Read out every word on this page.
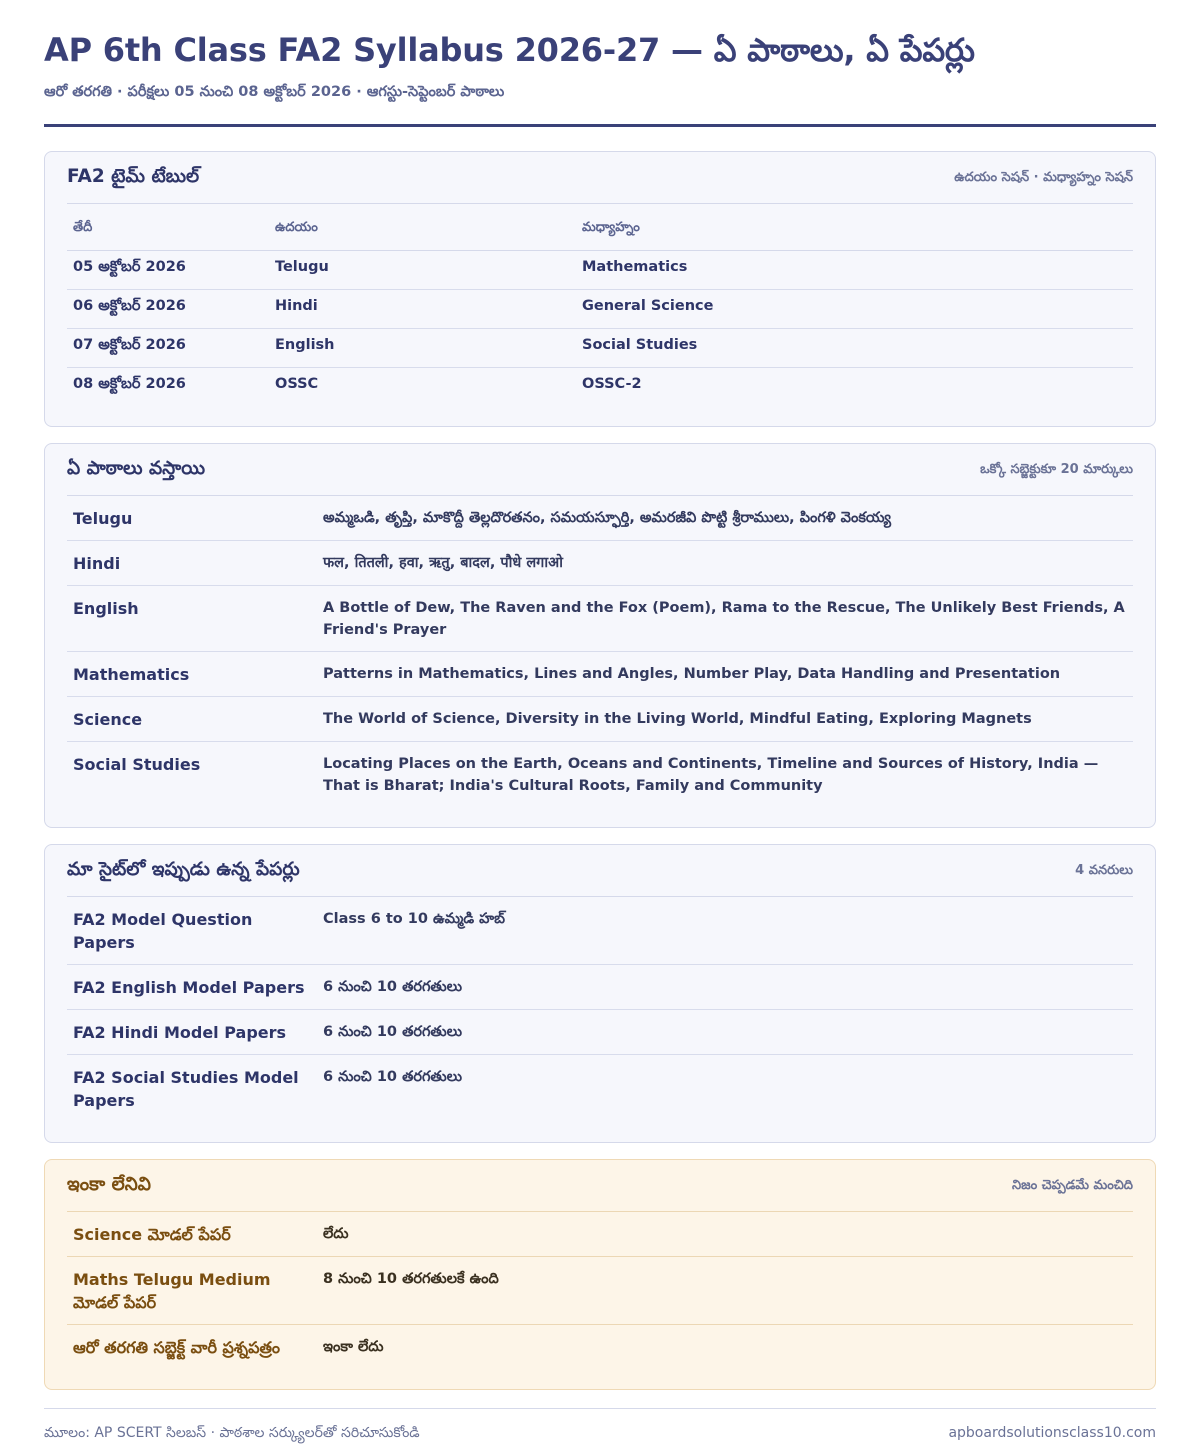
AP 6th Class FA2 Syllabus 2026-27 — ఏ పాఠాలు, ఏ పేపర్లు
ఆరో తరగతి · పరీక్షలు 05 నుంచి 08 అక్టోబర్ 2026 · ఆగస్టు-సెప్టెంబర్ పాఠాలు
FA2 టైమ్ టేబుల్	ఉదయం సెషన్ · మధ్యాహ్నం సెషన్
తేదీ	ఉదయం	మధ్యాహ్నం
05 అక్టోబర్ 2026	Telugu	Mathematics
06 అక్టోబర్ 2026	Hindi	General Science
07 అక్టోబర్ 2026	English	Social Studies
08 అక్టోబర్ 2026	OSSC	OSSC-2
ఏ పాఠాలు వస్తాయి	ఒక్కో సబ్జెక్టుకూ 20 మార్కులు
Telugu	అమ్మఒడి, తృప్తి, మాకొద్దీ తెల్లదొరతనం, సమయస్ఫూర్తి, అమరజీవి పొట్టి శ్రీరాములు, పింగళి వెంకయ్య
Hindi	फल, तितली, हवा, ऋतु, बादल, पौधे लगाओ
English	A Bottle of Dew, The Raven and the Fox (Poem), Rama to the Rescue, The Unlikely Best Friends, A Friend's Prayer
Mathematics	Patterns in Mathematics, Lines and Angles, Number Play, Data Handling and Presentation
Science	The World of Science, Diversity in the Living World, Mindful Eating, Exploring Magnets
Social Studies	Locating Places on the Earth, Oceans and Continents, Timeline and Sources of History, India — That is Bharat; India's Cultural Roots, Family and Community
మా సైట్‌లో ఇప్పుడు ఉన్న పేపర్లు	4 వనరులు
FA2 Model Question Papers	Class 6 to 10 ఉమ్మడి హబ్
FA2 English Model Papers	6 నుంచి 10 తరగతులు
FA2 Hindi Model Papers	6 నుంచి 10 తరగతులు
FA2 Social Studies Model Papers	6 నుంచి 10 తరగతులు
ఇంకా లేనివి	నిజం చెప్పడమే మంచిది
Science మోడల్ పేపర్	లేదు
Maths Telugu Medium మోడల్ పేపర్	8 నుంచి 10 తరగతులకే ఉంది
ఆరో తరగతి సబ్జెక్ట్ వారీ ప్రశ్నపత్రం	ఇంకా లేదు
మూలం: AP SCERT సిలబస్ · పాఠశాల సర్క్యులర్‌తో సరిచూసుకోండి	apboardsolutionsclass10.com
